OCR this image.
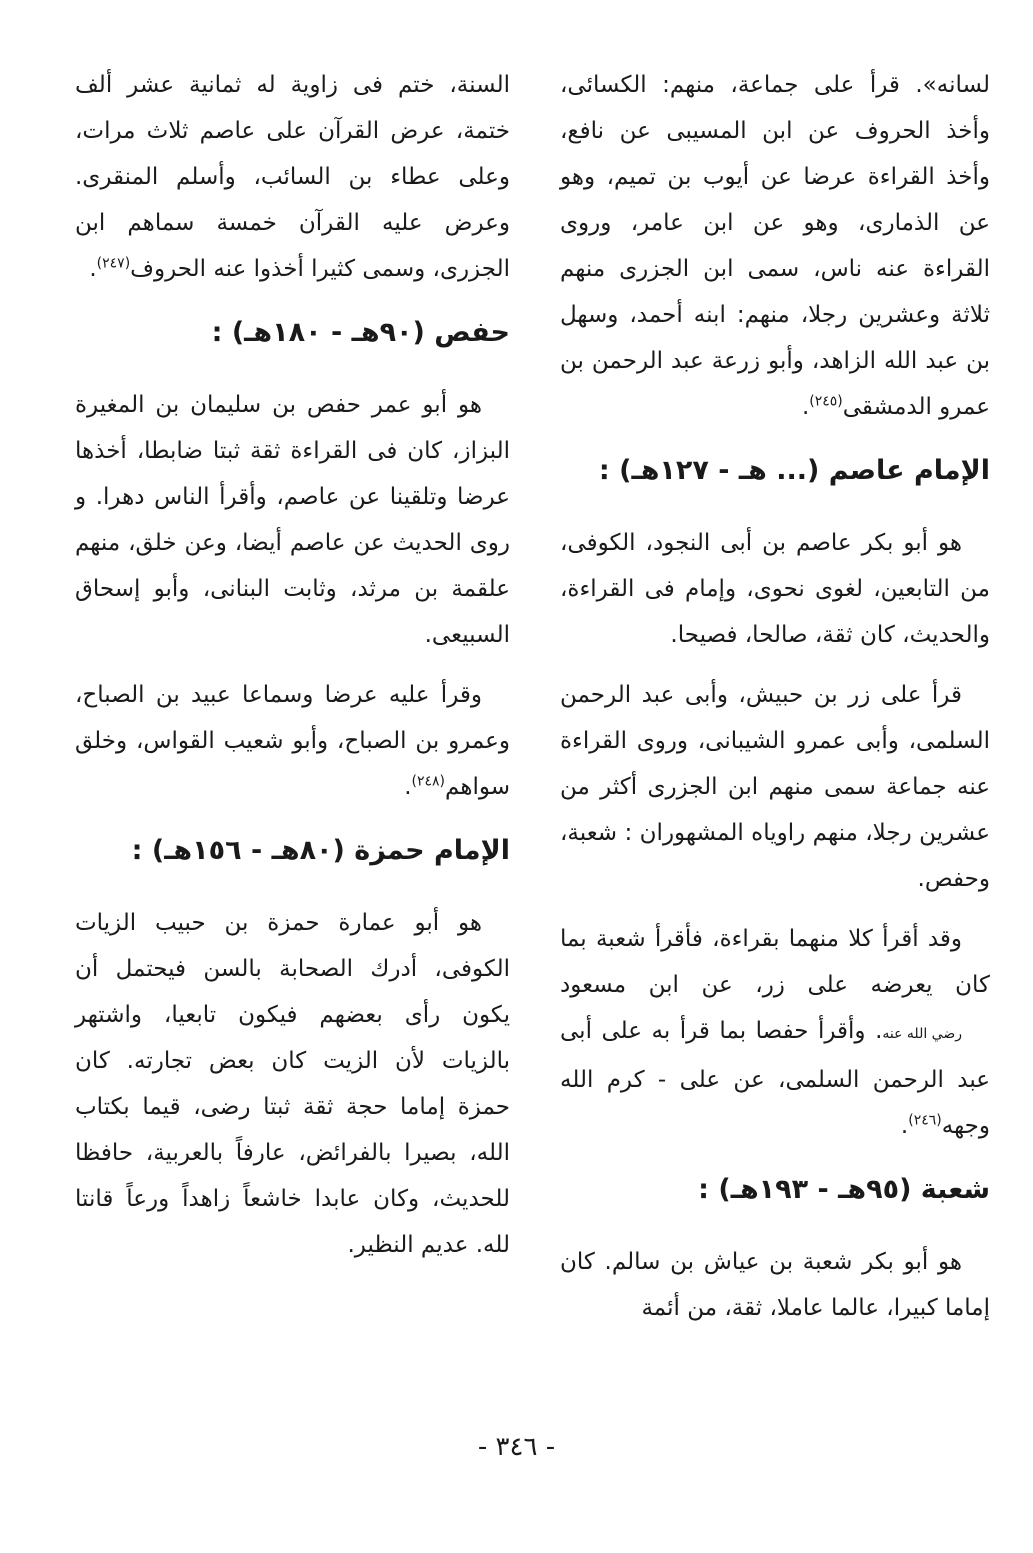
لسانه». قرأ على جماعة، منهم: الكسائى، وأخذ الحروف عن ابن المسيبى عن نافع، وأخذ القراءة عرضا عن أيوب بن تميم، وهو عن الذمارى، وهو عن ابن عامر، وروى القراءة عنه ناس، سمى ابن الجزرى منهم ثلاثة وعشرين رجلا، منهم: ابنه أحمد، وسهل بن عبد الله الزاهد، وأبو زرعة عبد الرحمن بن عمرو الدمشقى$^{(٢٤٥)}$.

الإمام عاصم (... هـ - ١٢٧هـ) :

هو أبو بكر عاصم بن أبى النجود، الكوفى، من التابعين، لغوى نحوى، وإمام فى القراءة، والحديث، كان ثقة، صالحا، فصيحا.

قرأ على زر بن حبيش، وأبى عبد الرحمن السلمى، وأبى عمرو الشيبانى، وروى القراءة عنه جماعة سمى منهم ابن الجزرى أكثر من عشرين رجلا، منهم راوياه المشهوران : شعبة، وحفص.

وقد أقرأ كلا منهما بقراءة، فأقرأ شعبة بما كان يعرضه على زر، عن ابن مسعود رضي الله عنه. وأقرأ حفصا بما قرأ به على أبى عبد الرحمن السلمى، عن على - كرم الله وجهه$^{(٢٤٦)}$.

شعبة (٩٥هـ - ١٩٣هـ) :

هو أبو بكر شعبة بن عياش بن سالم. كان إماما كبيرا، عالما عاملا، ثقة، من أئمة

السنة، ختم فى زاوية له ثمانية عشر ألف ختمة، عرض القرآن على عاصم ثلاث مرات، وعلى عطاء بن السائب، وأسلم المنقرى. وعرض عليه القرآن خمسة سماهم ابن الجزرى، وسمى كثيرا أخذوا عنه الحروف$^{(٢٤٧)}$.

حفص (٩٠هـ - ١٨٠هـ) :

هو أبو عمر حفص بن سليمان بن المغيرة البزاز، كان فى القراءة ثقة ثبتا ضابطا، أخذها عرضا وتلقينا عن عاصم، وأقرأ الناس دهرا. و روى الحديث عن عاصم أيضا، وعن خلق، منهم علقمة بن مرثد، وثابت البنانى، وأبو إسحاق السبيعى.

وقرأ عليه عرضا وسماعا عبيد بن الصباح، وعمرو بن الصباح، وأبو شعيب القواس، وخلق سواهم$^{(٢٤٨)}$.

الإمام حمزة (٨٠هـ - ١٥٦هـ) :

هو أبو عمارة حمزة بن حبيب الزيات الكوفى، أدرك الصحابة بالسن فيحتمل أن يكون رأى بعضهم فيكون تابعيا، واشتهر بالزيات لأن الزيت كان بعض تجارته. كان حمزة إماما حجة ثقة ثبتا رضى، قيما بكتاب الله، بصيرا بالفرائض، عارفاً بالعربية، حافظا للحديث، وكان عابدا خاشعاً زاهداً ورعاً قانتا لله. عديم النظير.

- ٣٤٦ -
